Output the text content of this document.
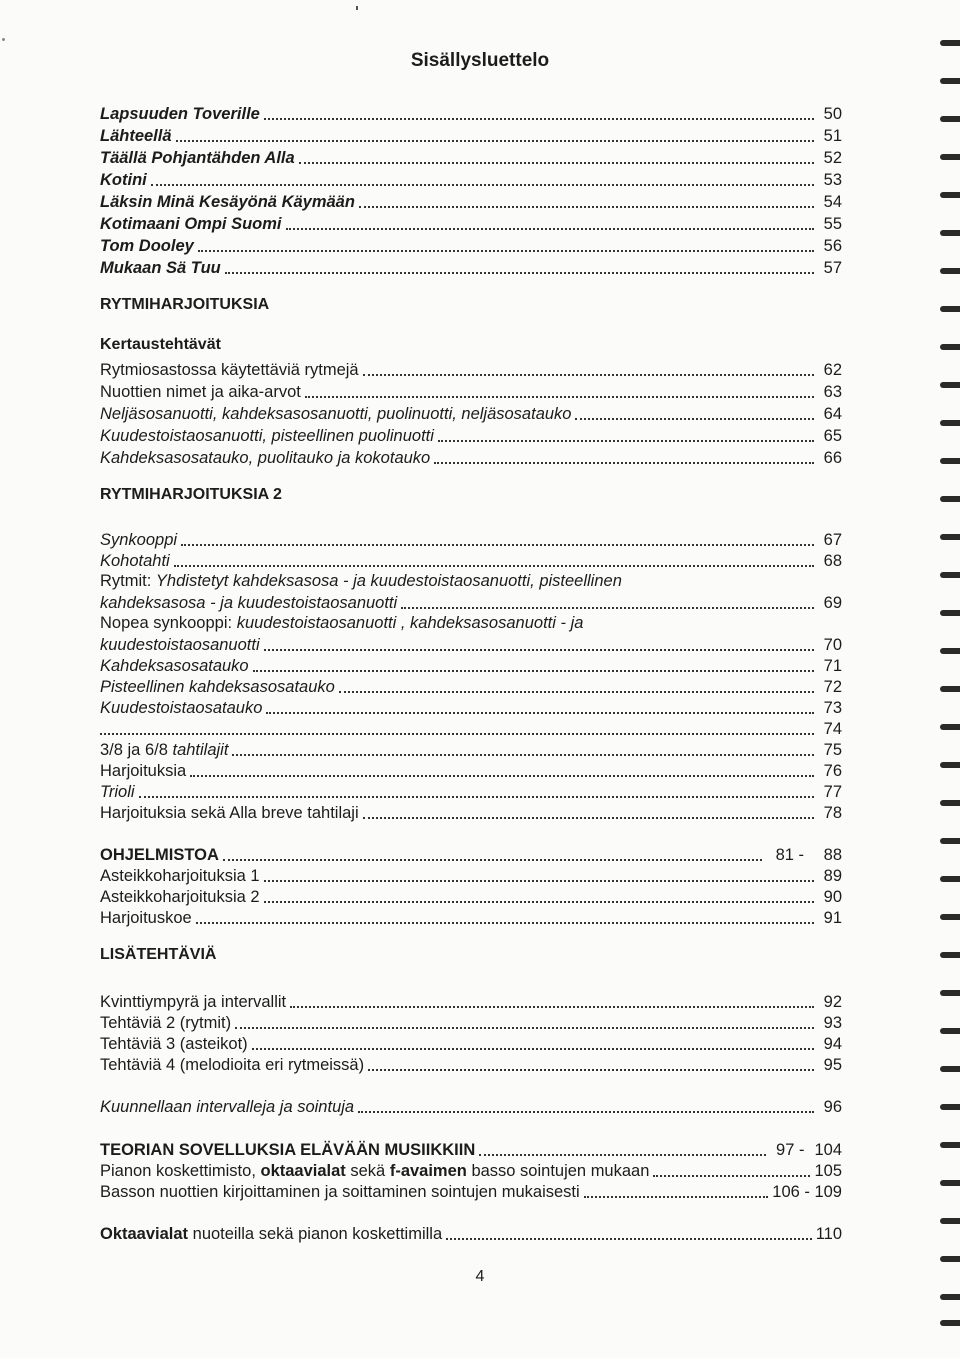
Sisällysluettelo
Lapsuuden Toverille	50
Lähteellä	51
Täällä Pohjantähden Alla	52
Kotini	53
Läksin Minä Kesäyönä Käymään	54
Kotimaani Ompi Suomi	55
Tom Dooley	56
Mukaan Sä Tuu	57
RYTMIHARJOITUKSIA
Kertaustehtävät
Rytmiosastossa käytettäviä rytmejä	62
Nuottien nimet ja aika-arvot	63
Neljäsosanuotti, kahdeksasosanuotti, puolinuotti, neljäsosatauko	64
Kuudestoistaosanuotti, pisteellinen puolinuotti	65
Kahdeksasosatauko, puolitauko ja kokotauko	66
RYTMIHARJOITUKSIA 2
Synkooppi	67
Kohotahti	68
Rytmit: Yhdistetyt kahdeksasosa - ja kuudestoistaosanuotti, pisteellinen
kahdeksasosa - ja kuudestoistaosanuotti	69
Nopea synkooppi: kuudestoistaosanuotti , kahdeksasosanuotti - ja
kuudestoistaosanuotti	70
Kahdeksasosatauko	71
Pisteellinen kahdeksasosatauko	72
Kuudestoistaosatauko	73
74
3/8 ja 6/8 tahtilajit	75
Harjoituksia	76
Trioli	77
Harjoituksia sekä Alla breve tahtilaji	78
OHJELMISTOA	81 -	88
Asteikkoharjoituksia 1	89
Asteikkoharjoituksia 2	90
Harjoituskoe	91
LISÄTEHTÄVIÄ
Kvinttiympyrä ja intervallit	92
Tehtäviä 2 (rytmit)	93
Tehtäviä 3 (asteikot)	94
Tehtäviä 4 (melodioita eri rytmeissä)	95
Kuunnellaan intervalleja ja sointuja	96
TEORIAN SOVELLUKSIA ELÄVÄÄN MUSIIKKIIN	97 - 104
Pianon koskettimisto, oktaavialat sekä f-avaimen basso sointujen mukaan	105
Basson nuottien kirjoittaminen ja soittaminen sointujen mukaisesti	106 - 109
Oktaavialat nuoteilla sekä pianon koskettimilla	110
4
